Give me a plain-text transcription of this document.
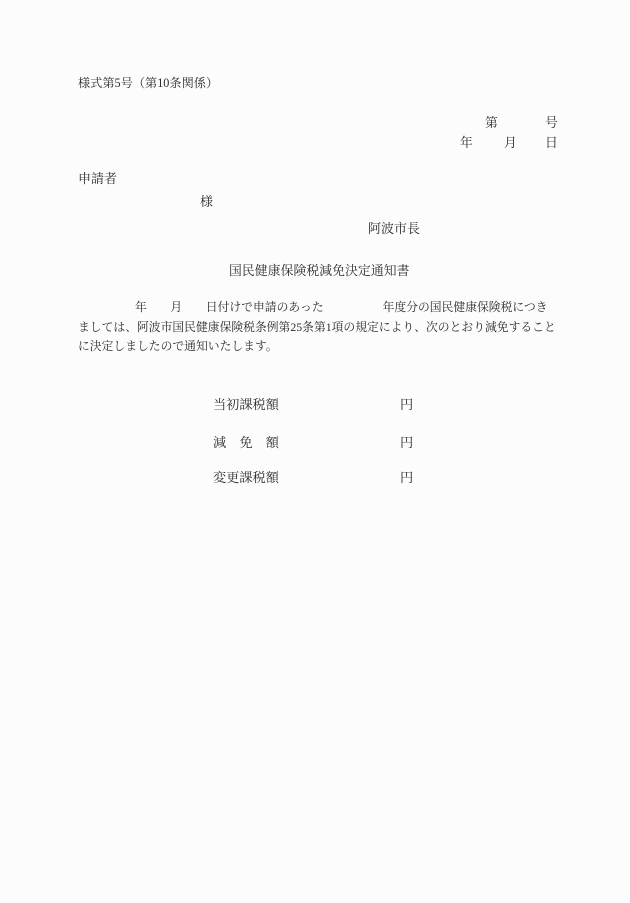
様式第5号（第10条関係）
第	号
年 月 日
申請者
様
阿波市長
国民健康保険税減免決定通知書
年　　月　　日付けで申請のあった　　　　　年度分の国民健康保険税につき
ましては、阿波市国民健康保険税条例第25条第1項の規定により、次のとおり減免すること
に決定しましたので通知いたします。
当初課税額	円
減　免　額	円
変更課税額	円
